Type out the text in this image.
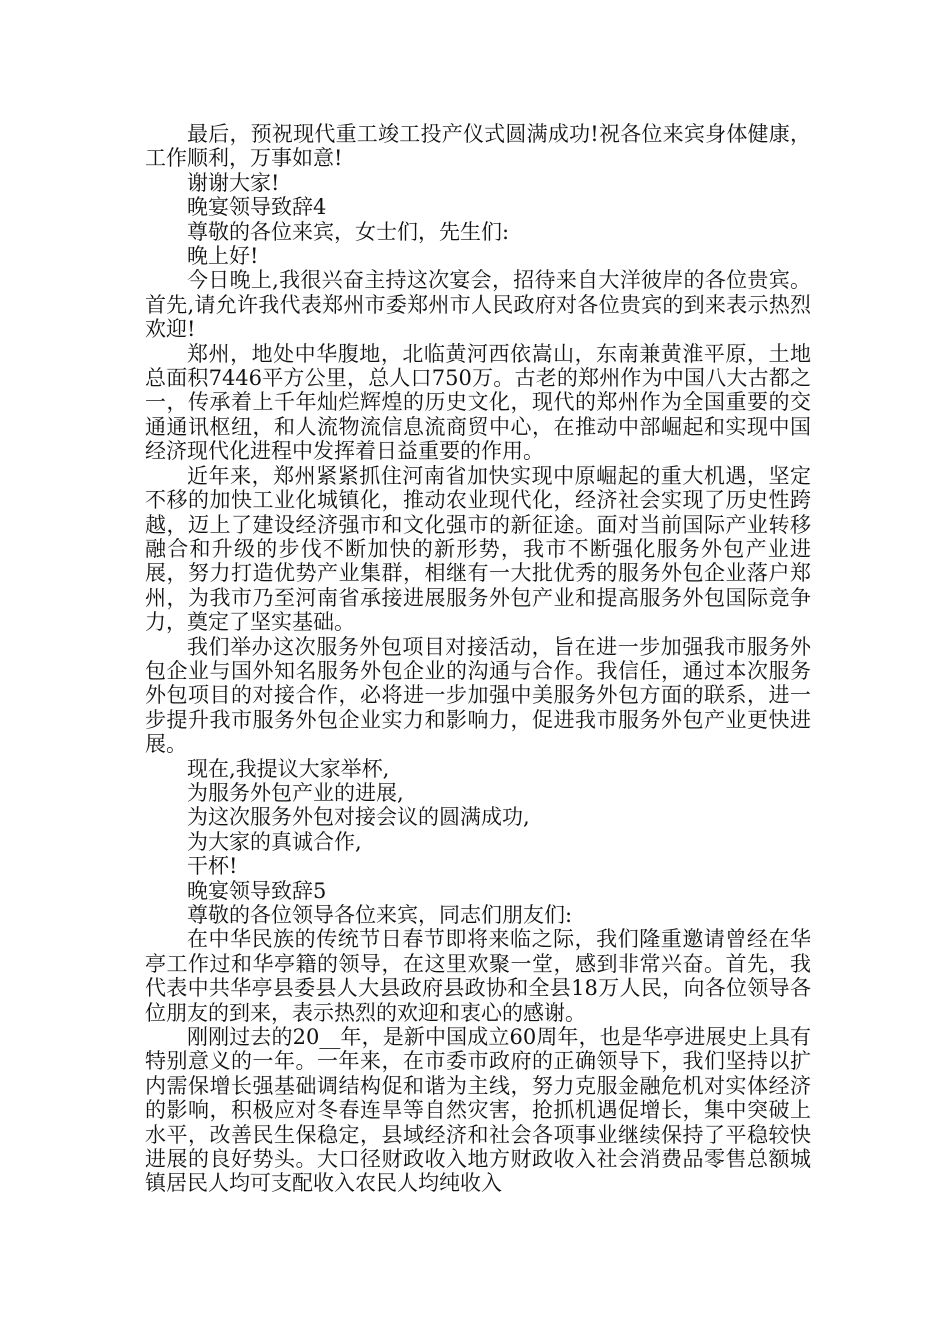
最后，预祝现代重工竣工投产仪式圆满成功!祝各位来宾身体健康，工作顺利，万事如意!

谢谢大家!

晚宴领导致辞4

尊敬的各位来宾，女士们，先生们:

晚上好!

今日晚上,我很兴奋主持这次宴会，招待来自大洋彼岸的各位贵宾。首先,请允许我代表郑州市委郑州市人民政府对各位贵宾的到来表示热烈欢迎!

郑州，地处中华腹地，北临黄河西依嵩山，东南兼黄淮平原，土地总面积7446平方公里，总人口750万。古老的郑州作为中国八大古都之一，传承着上千年灿烂辉煌的历史文化，现代的郑州作为全国重要的交通通讯枢纽，和人流物流信息流商贸中心，在推动中部崛起和实现中国经济现代化进程中发挥着日益重要的作用。

近年来，郑州紧紧抓住河南省加快实现中原崛起的重大机遇，坚定不移的加快工业化城镇化，推动农业现代化，经济社会实现了历史性跨越，迈上了建设经济强市和文化强市的新征途。面对当前国际产业转移融合和升级的步伐不断加快的新形势，我市不断强化服务外包产业进展，努力打造优势产业集群，相继有一大批优秀的服务外包企业落户郑州，为我市乃至河南省承接进展服务外包产业和提高服务外包国际竞争力，奠定了坚实基础。

我们举办这次服务外包项目对接活动，旨在进一步加强我市服务外包企业与国外知名服务外包企业的沟通与合作。我信任，通过本次服务外包项目的对接合作，必将进一步加强中美服务外包方面的联系，进一步提升我市服务外包企业实力和影响力，促进我市服务外包产业更快进展。

现在,我提议大家举杯,

为服务外包产业的进展,

为这次服务外包对接会议的圆满成功,

为大家的真诚合作,

干杯!

晚宴领导致辞5

尊敬的各位领导各位来宾，同志们朋友们:

在中华民族的传统节日春节即将来临之际，我们隆重邀请曾经在华亭工作过和华亭籍的领导，在这里欢聚一堂，感到非常兴奋。首先，我代表中共华亭县委县人大县政府县政协和全县18万人民，向各位领导各位朋友的到来，表示热烈的欢迎和衷心的感谢。

刚刚过去的20__年，是新中国成立60周年，也是华亭进展史上具有特别意义的一年。一年来，在市委市政府的正确领导下，我们坚持以扩内需保增长强基础调结构促和谐为主线，努力克服金融危机对实体经济的影响，积极应对冬春连旱等自然灾害，抢抓机遇促增长，集中突破上水平，改善民生保稳定，县域经济和社会各项事业继续保持了平稳较快进展的良好势头。大口径财政收入地方财政收入社会消费品零售总额城镇居民人均可支配收入农民人均纯收入
